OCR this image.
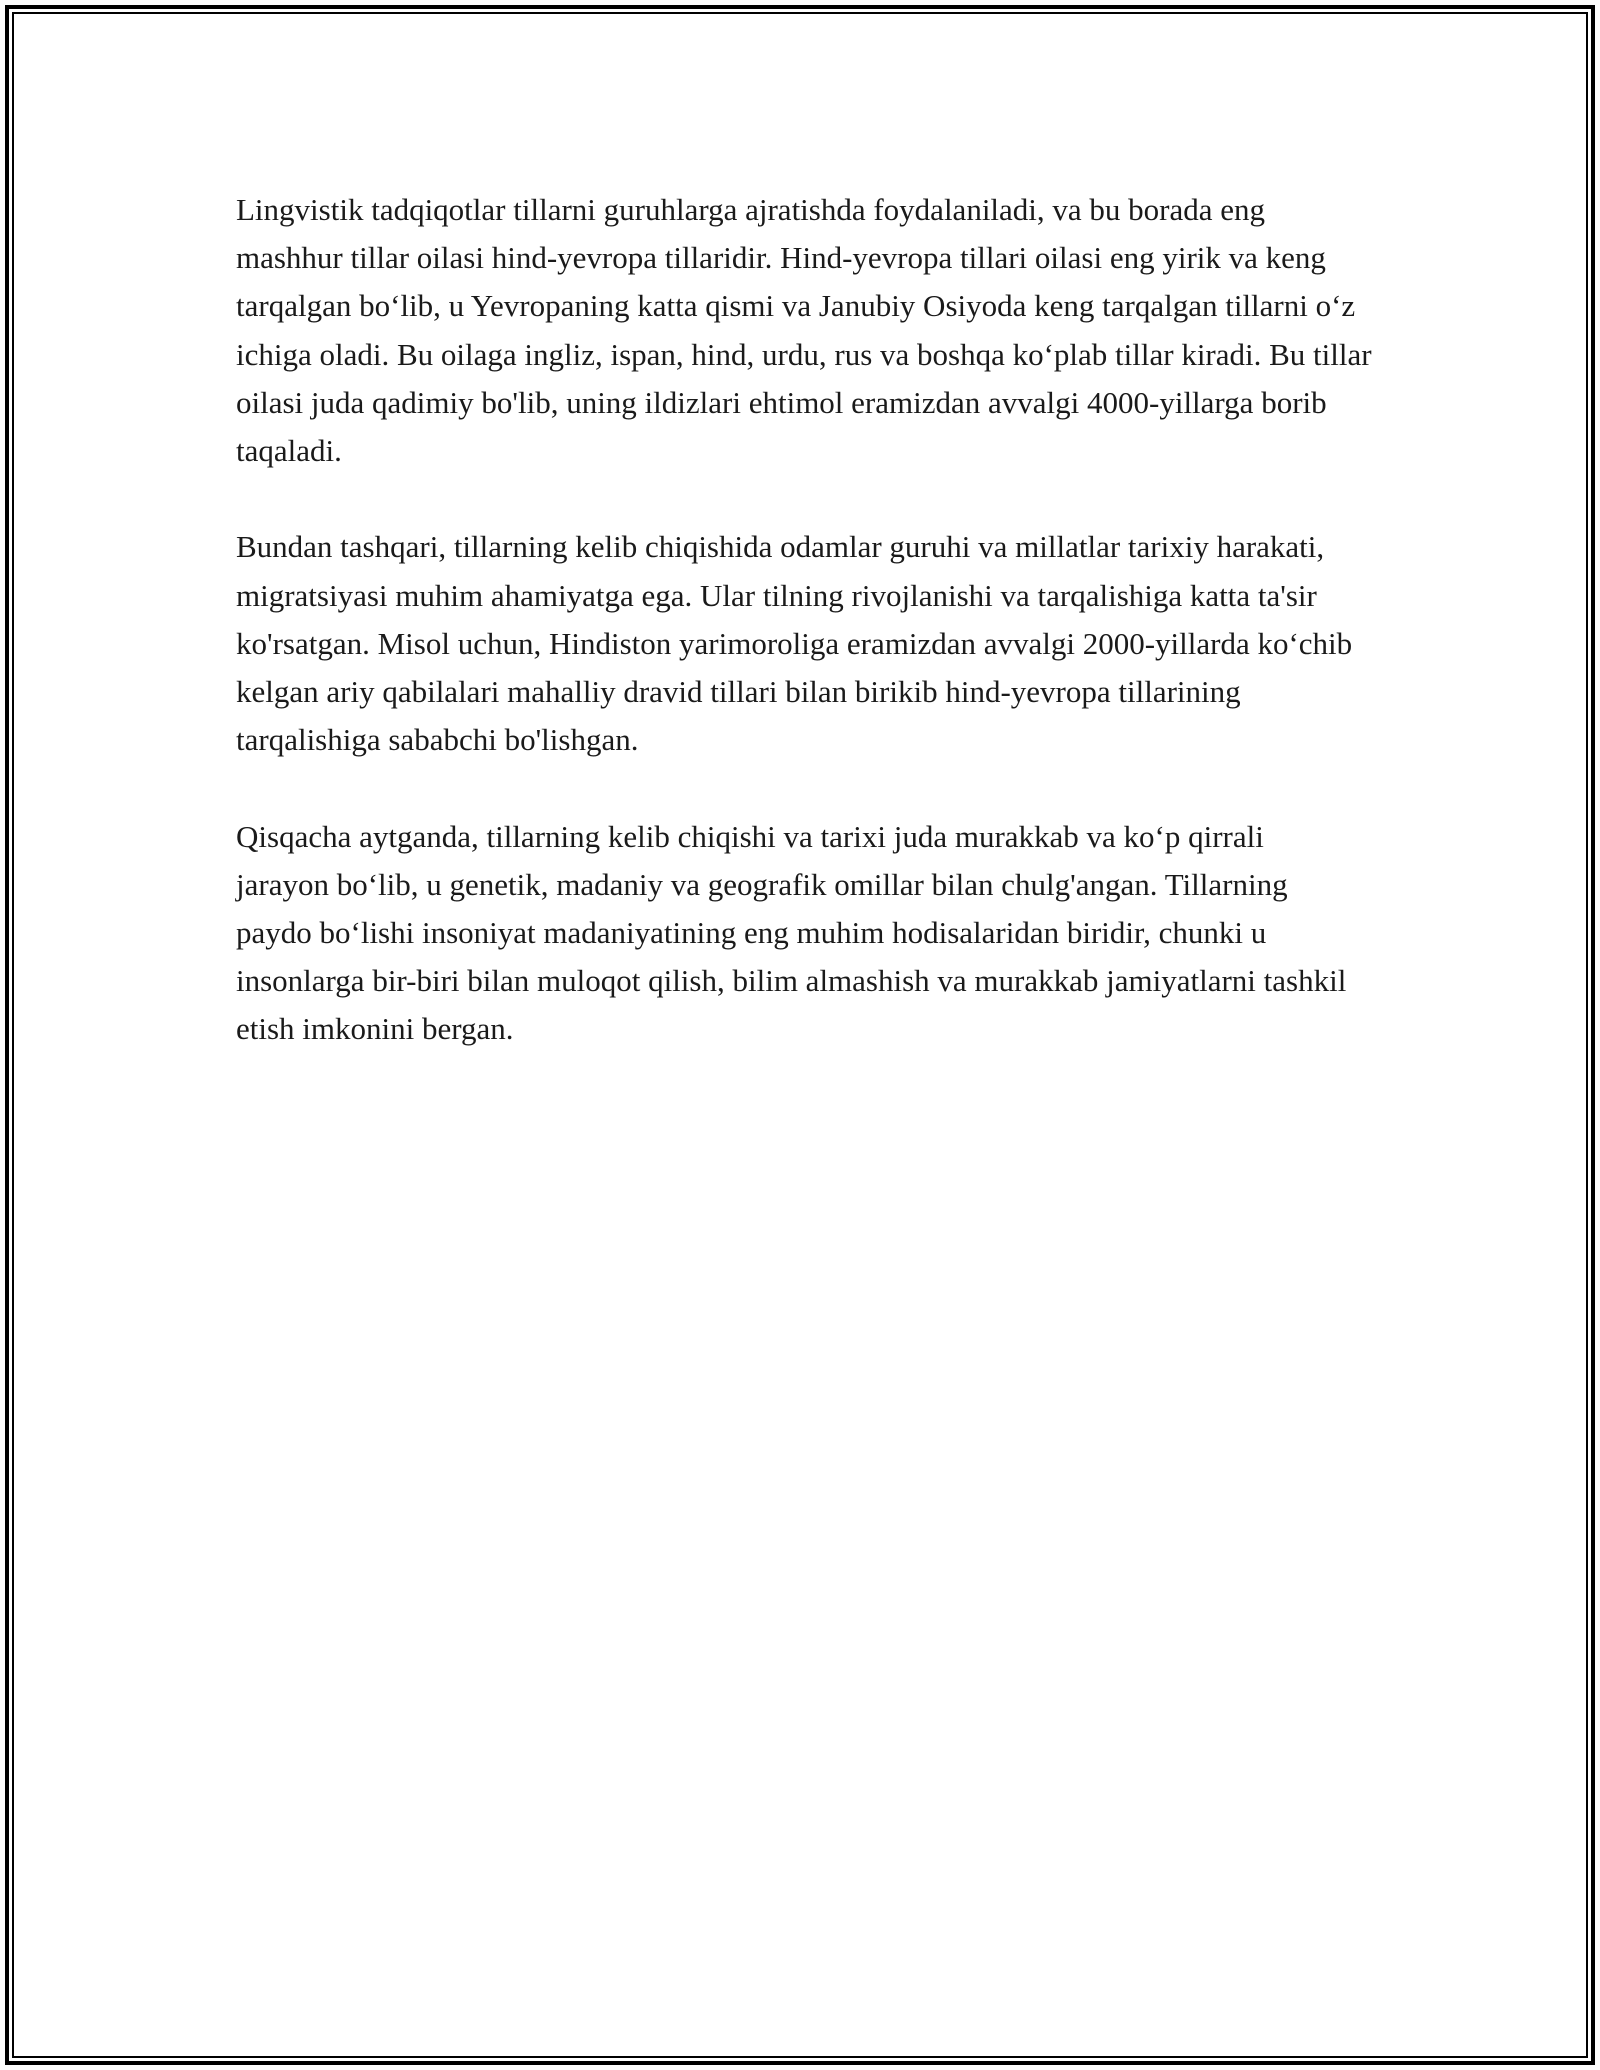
Lingvistik tadqiqotlar tillarni guruhlarga ajratishda foydalaniladi, va bu borada eng mashhur tillar oilasi hind-yevropa tillaridir. Hind-yevropa tillari oilasi eng yirik va keng tarqalgan bo‘lib, u Yevropaning katta qismi va Janubiy Osiyoda keng tarqalgan tillarni o‘z ichiga oladi. Bu oilaga ingliz, ispan, hind, urdu, rus va boshqa ko‘plab tillar kiradi. Bu tillar oilasi juda qadimiy bo'lib, uning ildizlari ehtimol eramizdan avvalgi 4000-yillarga borib taqaladi.

Bundan tashqari, tillarning kelib chiqishida odamlar guruhi va millatlar tarixiy harakati, migratsiyasi muhim ahamiyatga ega. Ular tilning rivojlanishi va tarqalishiga katta ta'sir ko'rsatgan. Misol uchun, Hindiston yarimoroliga eramizdan avvalgi 2000-yillarda ko‘chib kelgan ariy qabilalari mahalliy dravid tillari bilan birikib hind-yevropa tillarining tarqalishiga sababchi bo'lishgan.

Qisqacha aytganda, tillarning kelib chiqishi va tarixi juda murakkab va ko‘p qirrali jarayon bo‘lib, u genetik, madaniy va geografik omillar bilan chulg'angan. Tillarning paydo bo‘lishi insoniyat madaniyatining eng muhim hodisalaridan biridir, chunki u insonlarga bir-biri bilan muloqot qilish, bilim almashish va murakkab jamiyatlarni tashkil etish imkonini bergan.
